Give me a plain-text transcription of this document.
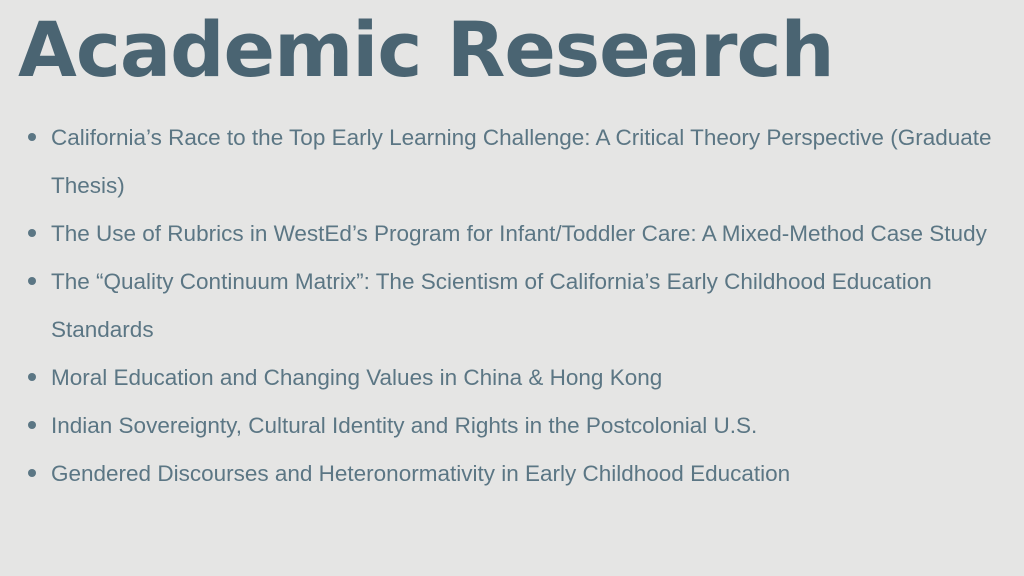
Academic Research
California’s Race to the Top Early Learning Challenge: A Critical Theory Perspective (Graduate Thesis)
The Use of Rubrics in WestEd’s Program for Infant/Toddler Care: A Mixed-Method Case Study
The “Quality Continuum Matrix”: The Scientism of California’s Early Childhood Education Standards
Moral Education and Changing Values in China & Hong Kong
Indian Sovereignty, Cultural Identity and Rights in the Postcolonial U.S.
Gendered Discourses and Heteronormativity in Early Childhood Education
